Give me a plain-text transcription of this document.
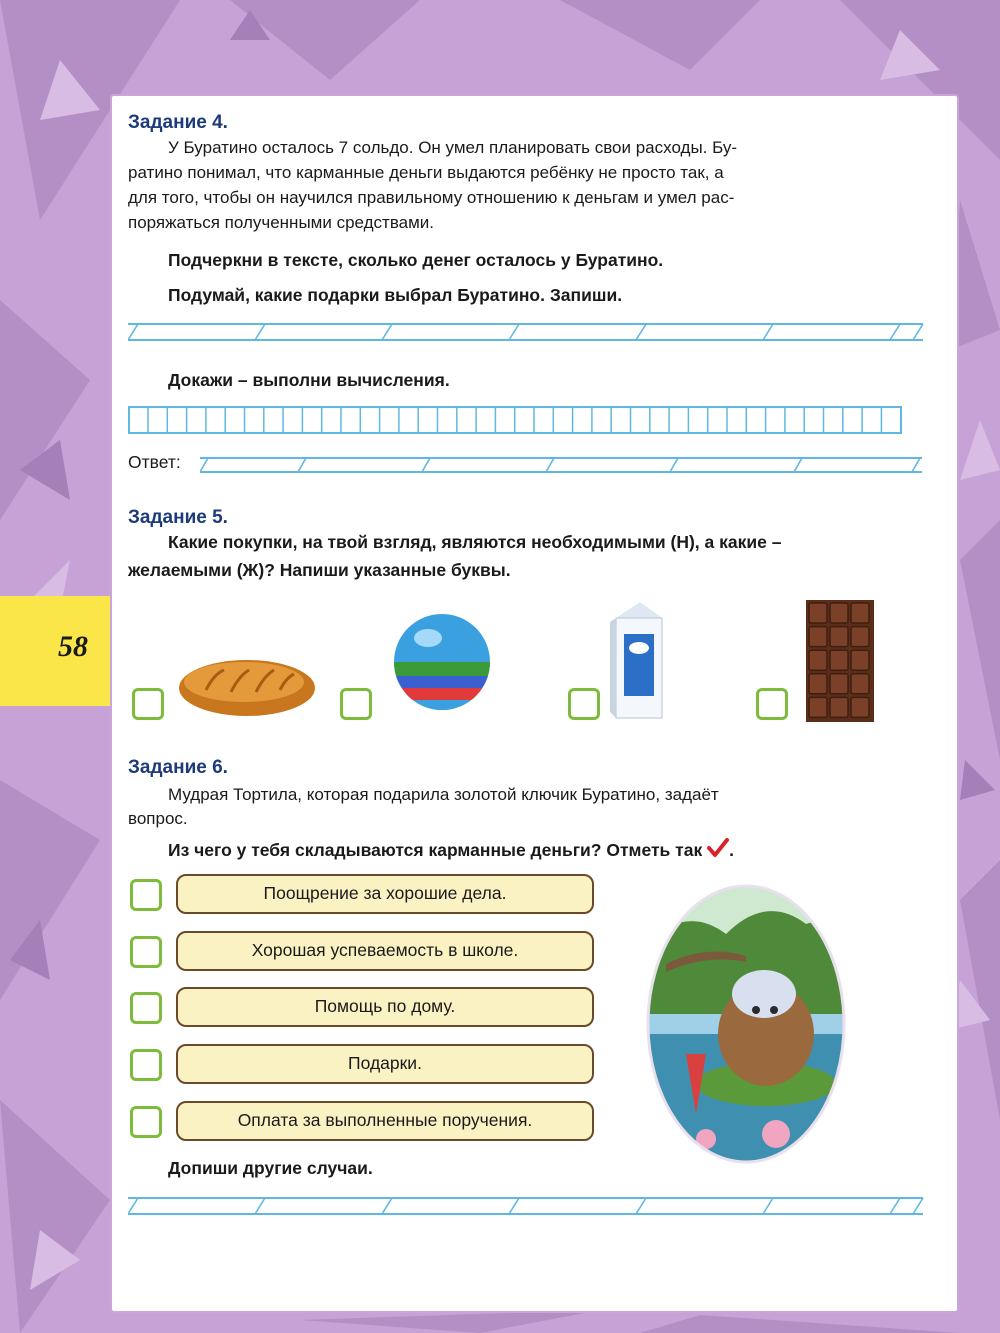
58
Задание 4.
У Буратино осталось 7 сольдо. Он умел планировать свои расходы. Бу-
ратино понимал, что карманные деньги выдаются ребёнку не просто так, а
для того, чтобы он научился правильному отношению к деньгам и умел рас-
поряжаться полученными средствами.
Подчеркни в тексте, сколько денег осталось у Буратино.
Подумай, какие подарки выбрал Буратино. Запиши.
Докажи – выполни вычисления.
Ответ:
Задание 5.
Какие покупки, на твой взгляд, являются необходимыми (Н), а какие –
желаемыми (Ж)? Напиши указанные буквы.
Задание 6.
Мудрая Тортила, которая подарила золотой ключик Буратино, задаёт
вопрос.
Из чего у тебя складываются карманные деньги? Отметь так .
Поощрение за хорошие дела.
Хорошая успеваемость в школе.
Помощь по дому.
Подарки.
Оплата за выполненные поручения.
Допиши другие случаи.
